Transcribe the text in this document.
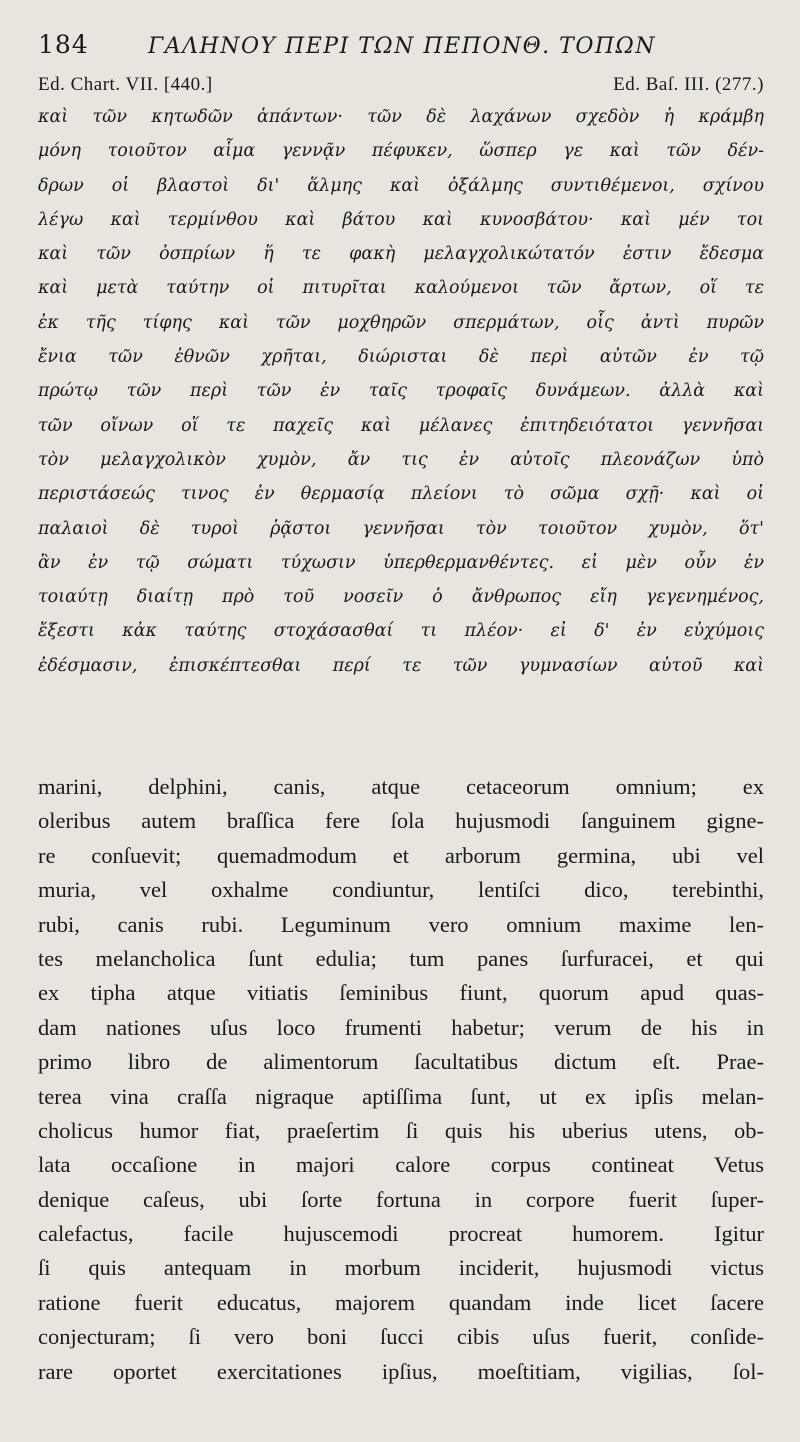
184	ΓΑΛΗΝΟΥ ΠΕΡΙ ΤΩΝ ΠΕΠΟΝΘ. ΤΟΠΩΝ
Ed. Chart. VII. [440.]	Ed. Baſ. III. (277.)
καὶ τῶν κητωδῶν ἁπάντων· τῶν δὲ λαχάνων σχεδὸν ἡ κράμβη
μόνη τοιοῦτον αἷμα γεννᾷν πέφυκεν, ὥσπερ γε καὶ τῶν δέν-
δρων οἱ βλαστοὶ δι' ἅλμης καὶ ὀξάλμης συντιθέμενοι, σχίνου
λέγω καὶ τερμίνθου καὶ βάτου καὶ κυνοσβάτου· καὶ μέν τοι
καὶ τῶν ὀσπρίων ἥ τε φακὴ μελαγχολικώτατόν ἐστιν ἔδεσμα
καὶ μετὰ ταύτην οἱ πιτυρῖται καλούμενοι τῶν ἄρτων, οἵ τε
ἐκ τῆς τίφης καὶ τῶν μοχθηρῶν σπερμάτων, οἷς ἀντὶ πυρῶν
ἔνια τῶν ἐθνῶν χρῆται, διώρισται δὲ περὶ αὐτῶν ἐν τῷ
πρώτῳ τῶν περὶ τῶν ἐν ταῖς τροφαῖς δυνάμεων. ἀλλὰ καὶ
τῶν οἴνων οἵ τε παχεῖς καὶ μέλανες ἐπιτηδειότατοι γεννῆσαι
τὸν μελαγχολικὸν χυμὸν, ἄν τις ἐν αὐτοῖς πλεονάζων ὑπὸ
περιστάσεώς τινος ἐν θερμασίᾳ πλείονι τὸ σῶμα σχῇ· καὶ οἱ
παλαιοὶ δὲ τυροὶ ῥᾷστοι γεννῆσαι τὸν τοιοῦτον χυμὸν, ὅτ'
ἂν ἐν τῷ σώματι τύχωσιν ὑπερθερμανθέντες. εἰ μὲν οὖν ἐν
τοιαύτῃ διαίτῃ πρὸ τοῦ νοσεῖν ὁ ἄνθρωπος εἴη γεγενημένος,
ἔξεστι κἀκ ταύτης στοχάσασθαί τι πλέον· εἰ δ' ἐν εὐχύμοις
ἐδέσμασιν, ἐπισκέπτεσθαι περί τε τῶν γυμνασίων αὐτοῦ καὶ
marini, delphini, canis, atque cetaceorum omnium; ex
oleribus autem braſſica fere ſola hujusmodi ſanguinem gigne-
re conſuevit; quemadmodum et arborum germina, ubi vel
muria, vel oxhalme condiuntur, lentiſci dico, terebinthi,
rubi, canis rubi. Leguminum vero omnium maxime len-
tes melancholica ſunt edulia; tum panes ſurfuracei, et qui
ex tipha atque vitiatis ſeminibus fiunt, quorum apud quas-
dam nationes uſus loco frumenti habetur; verum de his in
primo libro de alimentorum ſacultatibus dictum eſt. Prae-
terea vina craſſa nigraque aptiſſima ſunt, ut ex ipſis melan-
cholicus humor fiat, praeſertim ſi quis his uberius utens, ob-
lata occaſione in majori calore corpus contineat Vetus
denique caſeus, ubi ſorte fortuna in corpore fuerit ſuper-
calefactus, facile hujuscemodi procreat humorem. Igitur
ſi quis antequam in morbum inciderit, hujusmodi victus
ratione fuerit educatus, majorem quandam inde licet ſacere
conjecturam; ſi vero boni ſucci cibis uſus fuerit, conſide-
rare oportet exercitationes ipſius, moeſtitiam, vigilias, ſol-
